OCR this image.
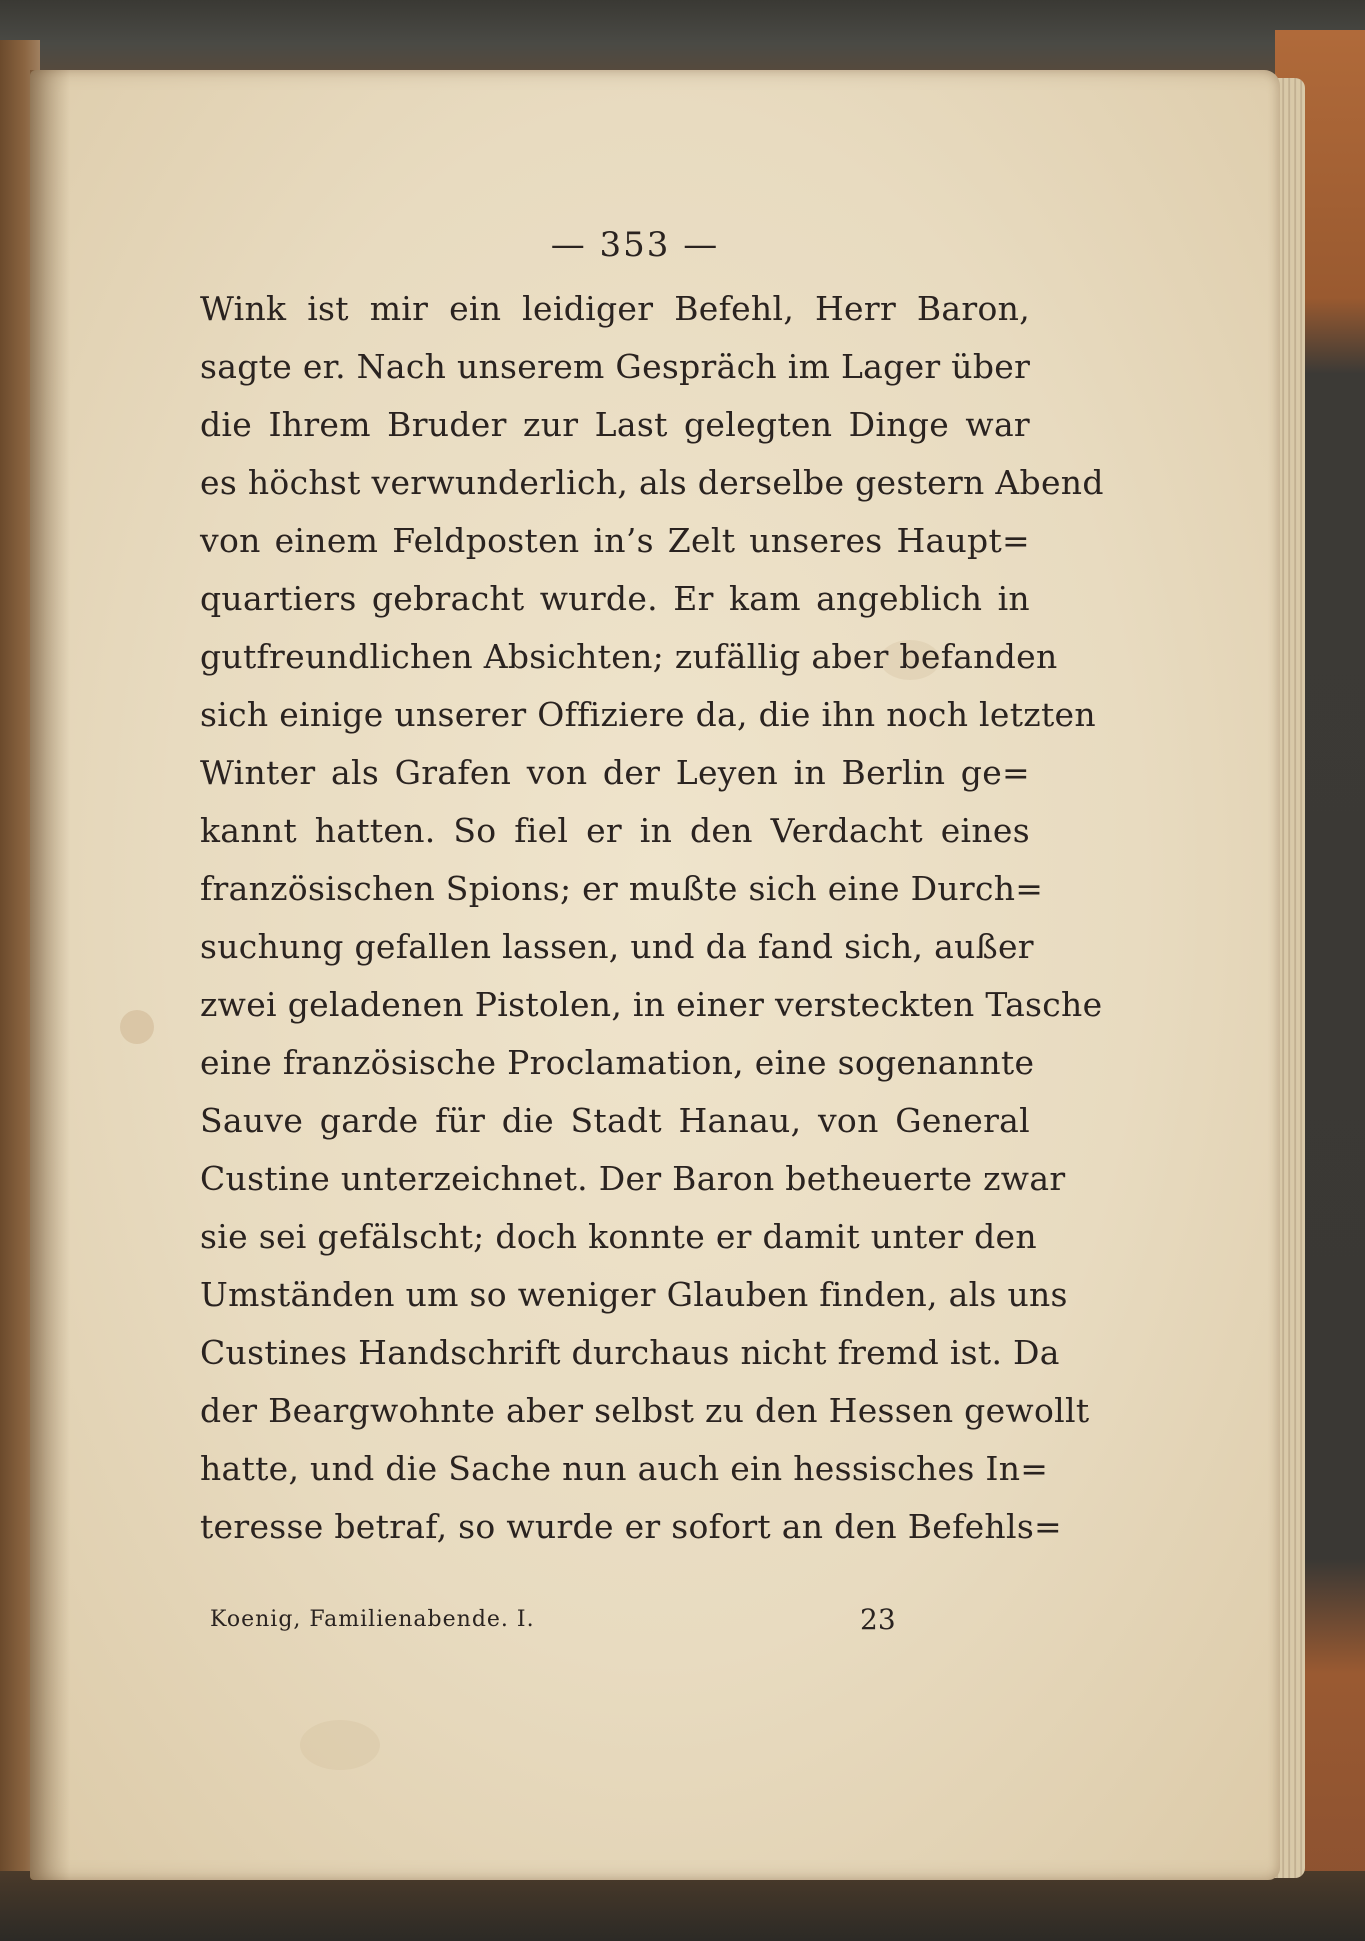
— 353 —
Wink ist mir ein leidiger Befehl, Herr Baron,
sagte er. Nach unserem Gespräch im Lager über
die Ihrem Bruder zur Last gelegten Dinge war
es höchst verwunderlich, als derselbe gestern Abend
von einem Feldposten in’s Zelt unseres Haupt=
quartiers gebracht wurde. Er kam angeblich in
gutfreundlichen Absichten; zufällig aber befanden
sich einige unserer Offiziere da, die ihn noch letzten
Winter als Grafen von der Leyen in Berlin ge=
kannt hatten. So fiel er in den Verdacht eines
französischen Spions; er mußte sich eine Durch=
suchung gefallen lassen, und da fand sich, außer
zwei geladenen Pistolen, in einer versteckten Tasche
eine französische Proclamation, eine sogenannte
Sauve garde für die Stadt Hanau, von General
Custine unterzeichnet. Der Baron betheuerte zwar
sie sei gefälscht; doch konnte er damit unter den
Umständen um so weniger Glauben finden, als uns
Custines Handschrift durchaus nicht fremd ist. Da
der Beargwohnte aber selbst zu den Hessen gewollt
hatte, und die Sache nun auch ein hessisches In=
teresse betraf, so wurde er sofort an den Befehls=
Koenig, Familienabende. I.	23
